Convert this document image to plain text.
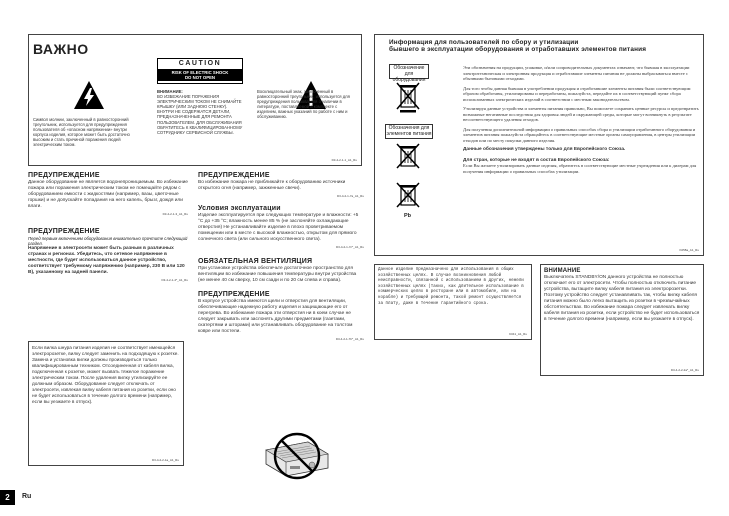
ВАЖНО
Символ молнии, заключенный в равносторонний треугольник, используется для предупреждения пользователя об «опасном напряжении» внутри корпуса изделия, которое может быть достаточно высоким и стать причиной поражения людей электрическим током.
CAUTION
RISK OF ELECTRIC SHOCK
DO NOT OPEN
ВНИМАНИЕ:
ВО ИЗБЕЖАНИЕ ПОРАЖЕНИЯ ЭЛЕКТРИЧЕСКИМ ТОКОМ НЕ СНИМАЙТЕ КРЫШКУ (ИЛИ ЗАДНЮЮ СТЕНКУ). ВНУТРИ НЕ СОДЕРЖАТСЯ ДЕТАЛИ, ПРЕДНАЗНАЧЕННЫЕ ДЛЯ РЕМОНТА ПОЛЬЗОВАТЕЛЕМ. ДЛЯ ОБСЛУЖИВАНИЯ ОБРАТИТЕСЬ К КВАЛИФИЦИРОВАННОМУ СОТРУДНИКУ СЕРВИСНОЙ СЛУЖБЫ.
Восклицательный знак, заключенный в равносторонний треугольник, используется для предупреждения пользователя о наличии в литературе, поставляемой в комплекте с изделием, важных указаний по работе с ним и обслуживанию.
D3-4-2-1-1_A1_Ru
ПРЕДУПРЕЖДЕНИЕ
Данное оборудование не является водонепроницаемым. Во избежание пожара или поражения электрическим током не помещайте рядом с оборудованием емкости с жидкостями (например, вазы, цветочные горшки) и не допускайте попадания на него капель, брызг, дождя или влаги.
D3-4-2-1-3_A1_Ru
ПРЕДУПРЕЖДЕНИЕ
Перед первым включением оборудования внимательно прочтите следующий раздел.
Напряжение в электросети может быть разным в различных странах и регионах. Убедитесь, что сетевое напряжение в местности, где будет использоваться данное устройство, соответствует требуемому напряжению (например, 230 В или 120 В), указанному на задней панели.
D3-4-2-1-4*_A1_Ru
Если вилка шнура питания изделия не соответствует имеющейся электророзетке, вилку следует заменить на подходящую к розетке. Замена и установка вилки должны производиться только квалифицированным техником. Отсоединенная от кабеля вилка, подключенная к розетке, может вызвать тяжелое поражение электрическим током. После удаления вилку утилизируйте ее должным образом. Оборудование следует отключать от электросети, извлекая вилку кабеля питания из розетки, если оно не будет использоваться в течение долгого времени (например, если вы уезжаете в отпуск).
D3-4-2-2-1a_A1_Ru
ПРЕДУПРЕЖДЕНИЕ
Во избежание пожара не приближайте к оборудованию источники открытого огня (например, зажженные свечи).
D3-4-2-1-7a_A1_Ru
Условия эксплуатации
Изделие эксплуатируется при следующих температуре и влажности: +5 °C до +35 °C; влажность менее 85 % (не заслоняйте охлаждающие отверстия) Не устанавливайте изделие в плохо проветриваемом помещении или в месте с высокой влажностью, открытом для прямого солнечного света (или сильного искусственного света).
D3-4-2-1-7c*_A1_Ru
ОБЯЗАТЕЛЬНАЯ ВЕНТИЛЯЦИЯ
При установке устройства обеспечьте достаточное пространство для вентиляции во избежание повышения температуры внутри устройства (не менее 40 см сверху, 10 см сзади и по 20 см слева и справа).
ПРЕДУПРЕЖДЕНИЕ
В корпусе устройства имеются щели и отверстия для вентиляции, обеспечивающие надежную работу изделия и защищающие его от перегрева. Во избежание пожара эти отверстия ни в коем случае не следует закрывать или заслонять другими предметами (газетами, скатертями и шторами) или устанавливать оборудование на толстом ковре или постели.
D3-4-2-1-7b*_A1_Ru
Информация для пользователей по сбору и утилизации
бывшего в эксплуатации оборудования и отработавших элементов питания
Обозначение для оборудования
Обозначения для элементов питания
Pb

Эти обозначения на продукции, упаковке, и/или сопроводительных документах означают, что бывшая в эксплуатации электротехническая и электронная продукция и отработавшие элементы питания не должны выбрасываться вместе с обычными бытовыми отходами.

Для того чтобы данная бывшая в употреблении продукция и отработавшие элементы питания были соответствующим образом обработаны, утилизированы и переработаны, пожалуйста, передайте их в соответствующий пункт сбора использованных электрических изделий в соответствии с местным законодательством.

Утилизируя данные устройства и элементы питания правильно, Вы помогаете сохранить ценные ресурсы и предотвратить возможные негативные последствия для здоровья людей и окружающей среды, которые могут возникнуть в результате несоответствующего удаления отходов.

Для получения дополнительной информации о правильных способах сбора и утилизации отработанного оборудования и элементов питания пожалуйста обращайтесь в соответствующие местные органы самоуправления, в центры утилизации отходов или по месту покупки данного изделия.

Данные обозначения утверждены только для Европейского Союза.

Для стран, которые не входят в состав Европейского Союза:

Если Вы желаете утилизировать данные изделия, обратитесь в соответствующие местные учреждения или к дилерам для получения информации о правильных способах утилизации.

K058a_A1_Ru
Данное изделие предназначено для использования в общих хозяйственных целях. В случае возникновения любой неисправности, связанной с использованием в других, нежели хозяйственных целях (таких, как длительное использование в коммерческих целях в ресторане или в автомобиле, или на корабле) и требующей ремонта, такой ремонт осуществляется за плату, даже в течение гарантийного срока.
K041_A1_Ru
ВНИМАНИЕ
Выключатель STANDBY/ON данного устройства не полностью отключает его от электросети. Чтобы полностью отключить питание устройства, вытащите вилку кабеля питания из электророзетки. Поэтому устройство следует устанавливать так, чтобы вилку кабеля питания можно было легко вытащить из розетки в чрезвычайных обстоятельствах. Во избежание пожара следует извлекать вилку кабеля питания из розетки, если устройство не будет использоваться в течение долгого времени (например, если вы уезжаете в отпуск).
D3-4-2-2-2a*_A1_Ru
2	Ru
